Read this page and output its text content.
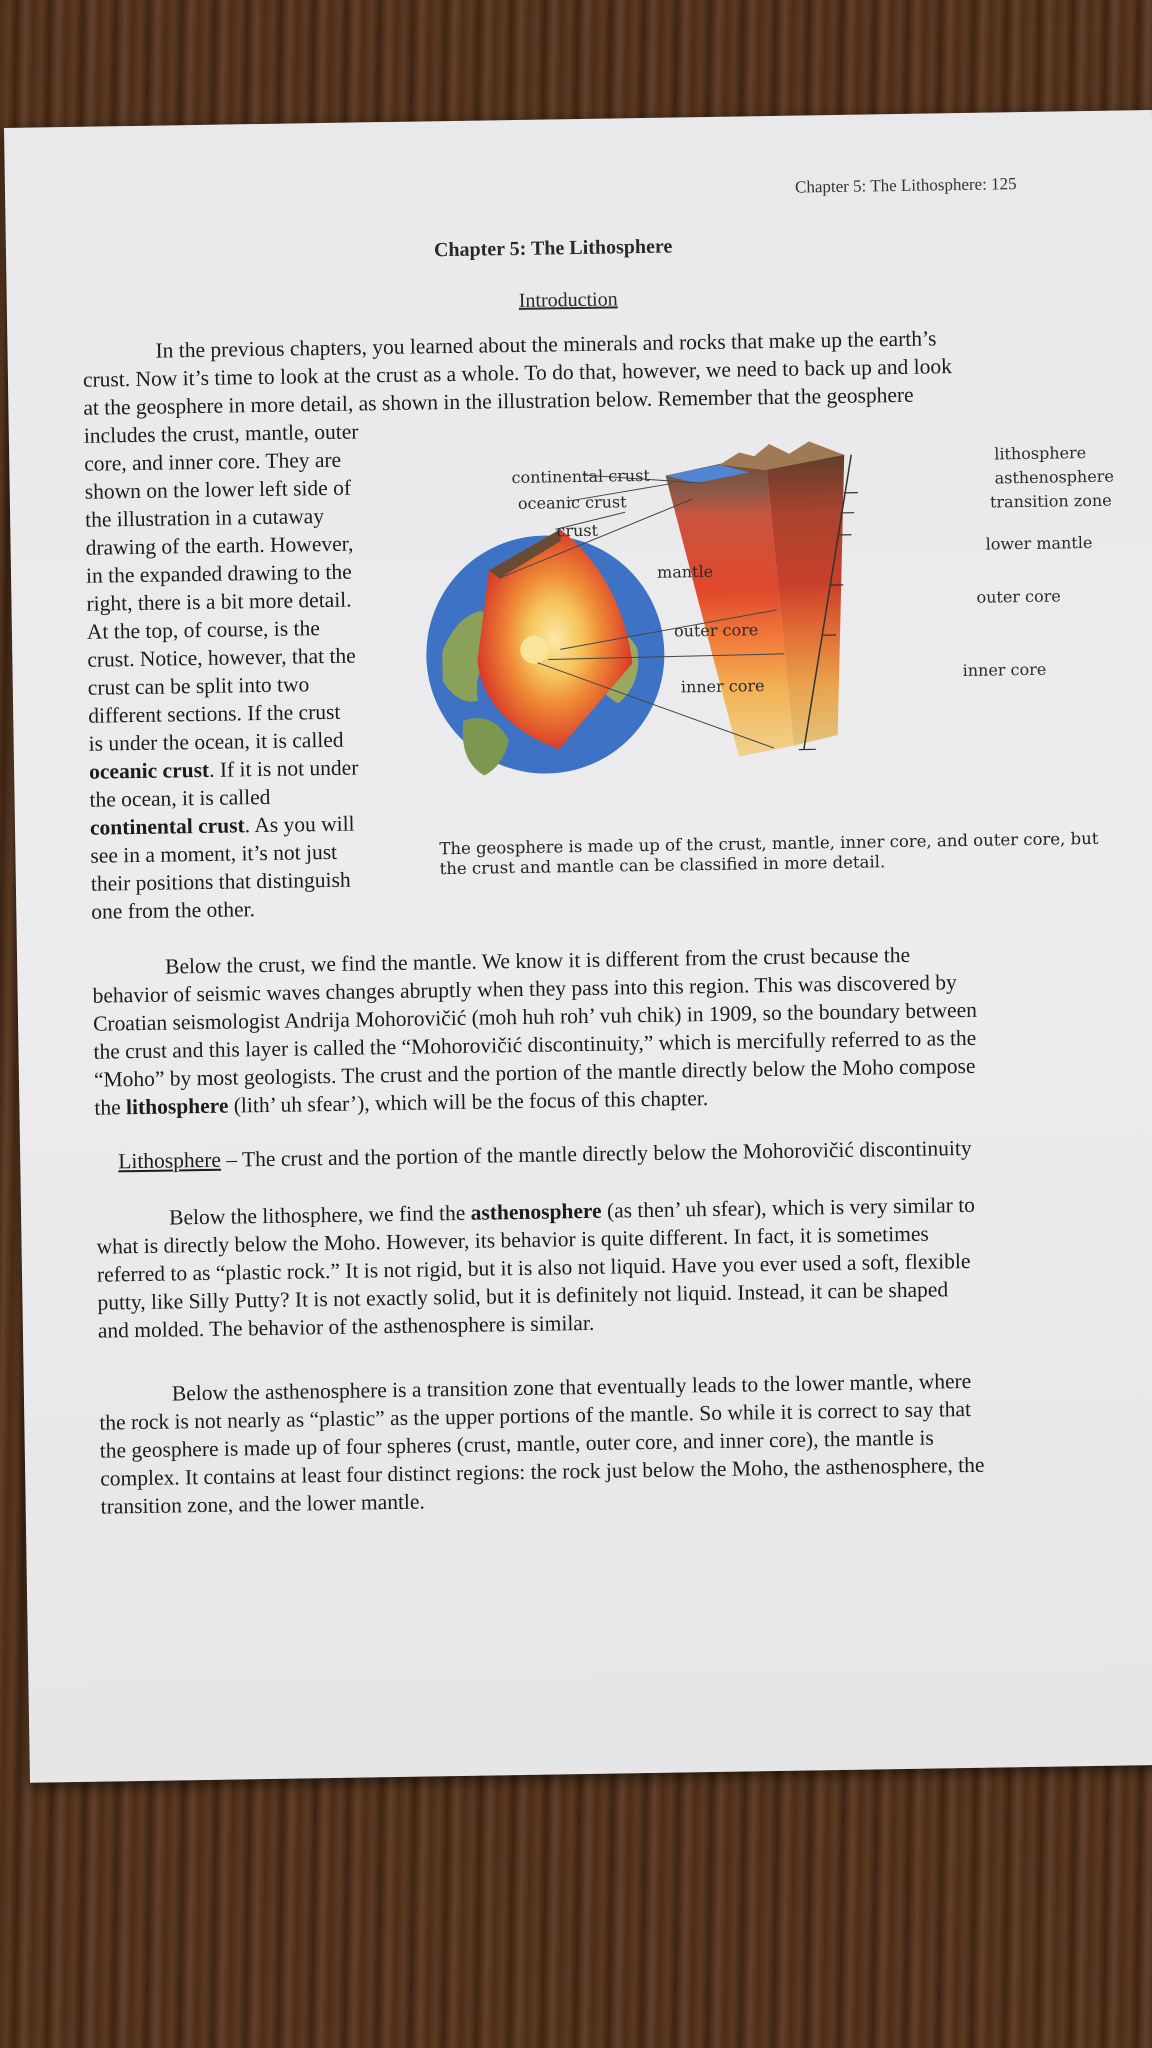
Chapter 5: The Lithosphere: 125
Chapter 5: The Lithosphere
Introduction
In the previous chapters, you learned about the minerals and rocks that make up the earth’s
crust. Now it’s time to look at the crust as a whole. To do that, however, we need to back up and look
at the geosphere in more detail, as shown in the illustration below. Remember that the geosphere
includes the crust, mantle, outer
core, and inner core. They are
shown on the lower left side of
the illustration in a cutaway
drawing of the earth. However,
in the expanded drawing to the
right, there is a bit more detail.
At the top, of course, is the
crust. Notice, however, that the
crust can be split into two
different sections. If the crust
is under the ocean, it is called
oceanic crust. If it is not under
the ocean, it is called
continental crust. As you will
see in a moment, it’s not just
their positions that distinguish
one from the other.
continental crust
oceanic crust
crust
mantle
outer core
inner core
lithosphere
asthenosphere
transition zone
lower mantle
outer core
inner core
The geosphere is made up of the crust, mantle, inner core, and outer core, but
the crust and mantle can be classified in more detail.
Below the crust, we find the mantle. We know it is different from the crust because the
behavior of seismic waves changes abruptly when they pass into this region. This was discovered by
Croatian seismologist Andrija Mohorovičić (moh huh roh’ vuh chik) in 1909, so the boundary between
the crust and this layer is called the “Mohorovičić discontinuity,” which is mercifully referred to as the
“Moho” by most geologists. The crust and the portion of the mantle directly below the Moho compose
the lithosphere (lith’ uh sfear’), which will be the focus of this chapter.
Lithosphere – The crust and the portion of the mantle directly below the Mohorovičić discontinuity
Below the lithosphere, we find the asthenosphere (as then’ uh sfear), which is very similar to
what is directly below the Moho. However, its behavior is quite different. In fact, it is sometimes
referred to as “plastic rock.” It is not rigid, but it is also not liquid. Have you ever used a soft, flexible
putty, like Silly Putty? It is not exactly solid, but it is definitely not liquid. Instead, it can be shaped
and molded. The behavior of the asthenosphere is similar.
Below the asthenosphere is a transition zone that eventually leads to the lower mantle, where
the rock is not nearly as “plastic” as the upper portions of the mantle. So while it is correct to say that
the geosphere is made up of four spheres (crust, mantle, outer core, and inner core), the mantle is
complex. It contains at least four distinct regions: the rock just below the Moho, the asthenosphere, the
transition zone, and the lower mantle.
